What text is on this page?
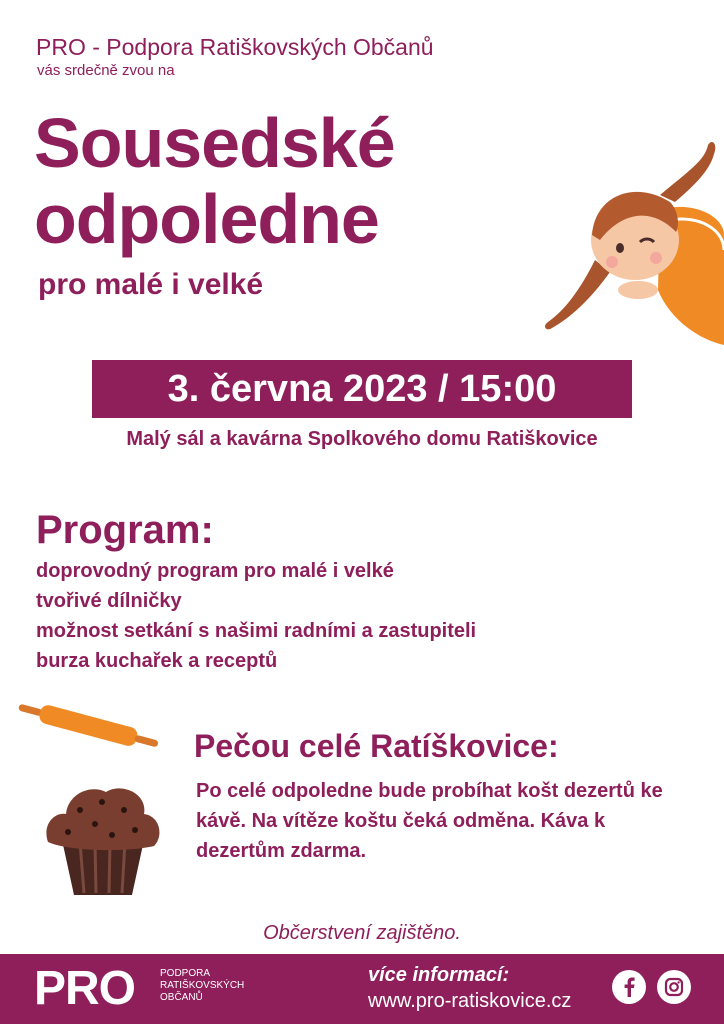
PRO - Podpora Ratiškovských Občanů
vás srdečně zvou na
Sousedské
odpoledne
pro malé i velké
3. června 2023 / 15:00
Malý sál a kavárna Spolkového domu Ratiškovice
Program:
doprovodný program pro malé i velké
tvořivé dílničky
možnost setkání s našimi radními a zastupiteli
burza kuchařek a receptů
Pečou celé Ratíškovice:
Po celé odpoledne bude probíhat košt dezertů ke kávě. Na vítěze koštu čeká odměna. Káva k dezertům zdarma.
Občerstvení zajištěno.
PRO PODPORA
RATIŠKOVSKÝCH
OBČANŮ
více informací:
www.pro-ratiskovice.cz
